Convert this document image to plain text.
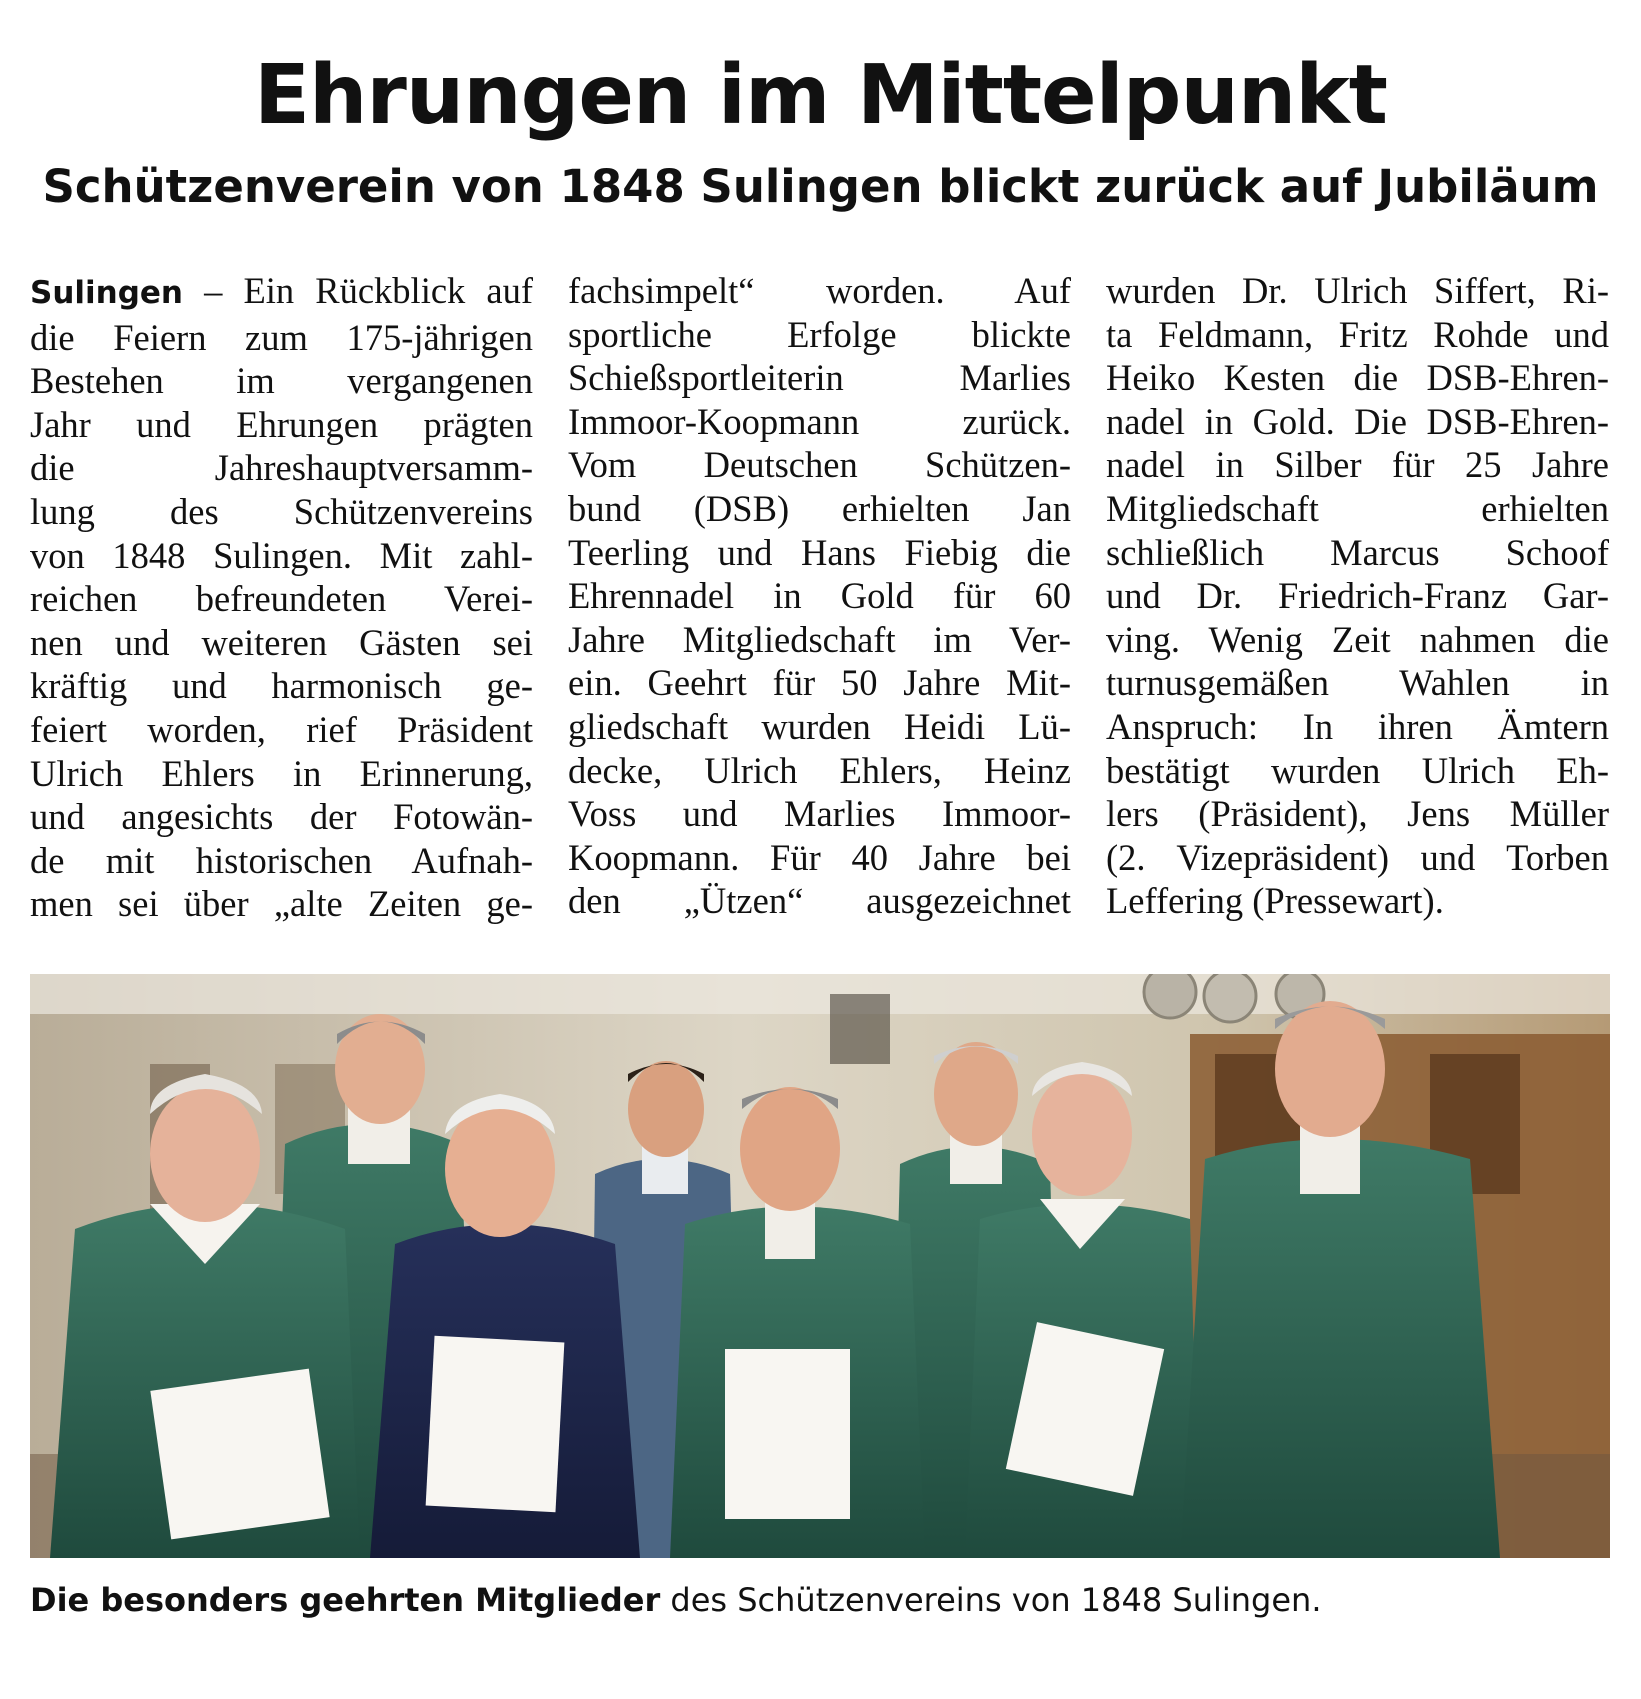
Ehrungen im Mittelpunkt
Schützenverein von 1848 Sulingen blickt zurück auf Jubiläum
Sulingen – Ein Rückblick auf
die Feiern zum 175-jährigen
Bestehen im vergangenen
Jahr und Ehrungen prägten
die Jahreshauptversamm-
lung des Schützenvereins
von 1848 Sulingen. Mit zahl-
reichen befreundeten Verei-
nen und weiteren Gästen sei
kräftig und harmonisch ge-
feiert worden, rief Präsident
Ulrich Ehlers in Erinnerung,
und angesichts der Fotowän-
de mit historischen Aufnah-
men sei über „alte Zeiten ge-
fachsimpelt“ worden. Auf
sportliche Erfolge blickte
Schießsportleiterin Marlies
Immoor-Koopmann zurück.
Vom Deutschen Schützen-
bund (DSB) erhielten Jan
Teerling und Hans Fiebig die
Ehrennadel in Gold für 60
Jahre Mitgliedschaft im Ver-
ein. Geehrt für 50 Jahre Mit-
gliedschaft wurden Heidi Lü-
decke, Ulrich Ehlers, Heinz
Voss und Marlies Immoor-
Koopmann. Für 40 Jahre bei
den „Ützen“ ausgezeichnet
wurden Dr. Ulrich Siffert, Ri-
ta Feldmann, Fritz Rohde und
Heiko Kesten die DSB-Ehren-
nadel in Gold. Die DSB-Ehren-
nadel in Silber für 25 Jahre
Mitgliedschaft erhielten
schließlich Marcus Schoof
und Dr. Friedrich-Franz Gar-
ving. Wenig Zeit nahmen die
turnusgemäßen Wahlen in
Anspruch: In ihren Ämtern
bestätigt wurden Ulrich Eh-
lers (Präsident), Jens Müller
(2. Vizepräsident) und Torben
Leffering (Pressewart).

Die besonders geehrten Mitglieder des Schützenvereins von 1848 Sulingen.
